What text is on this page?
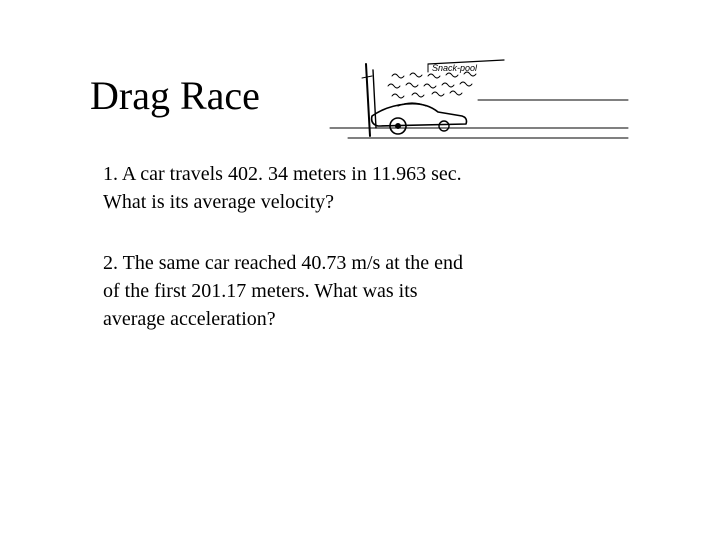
Drag Race
Snack-pool

1. A car travels 402. 34 meters in 11.963 sec.
What is its average velocity?

2. The same car reached 40.73 m/s at the end
of the first 201.17 meters. What was its
average acceleration?
